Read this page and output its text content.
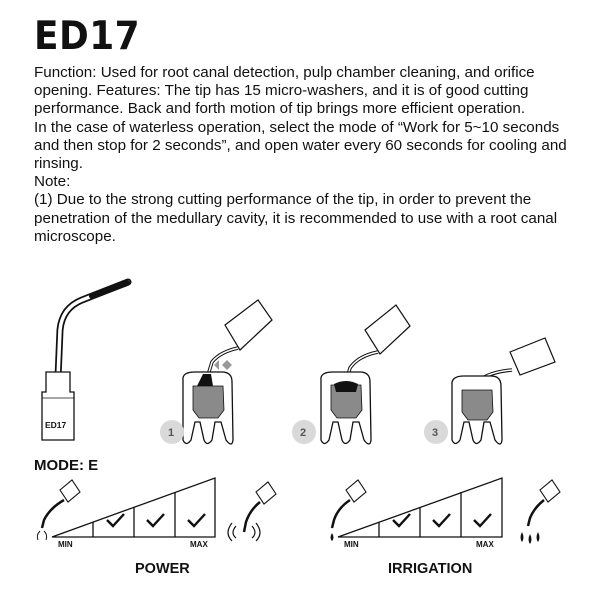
ED17

Function: Used for root canal detection, pulp chamber cleaning, and orifice opening. Features: The tip has 15 micro-washers, and it is of good cutting performance. Back and forth motion of tip brings more efficient operation.

In the case of waterless operation, select the mode of “Work for 5~10 seconds and then stop for 2 seconds”, and open water every 60 seconds for cooling and rinsing.

Note:

(1) Due to the strong cutting performance of the tip, in order to prevent the penetration of the medullary cavity, it is recommended to use with a root canal microscope.

ED17
1	2	3
MODE: E
MIN	MAX	MIN	MAX
POWER	IRRIGATION
